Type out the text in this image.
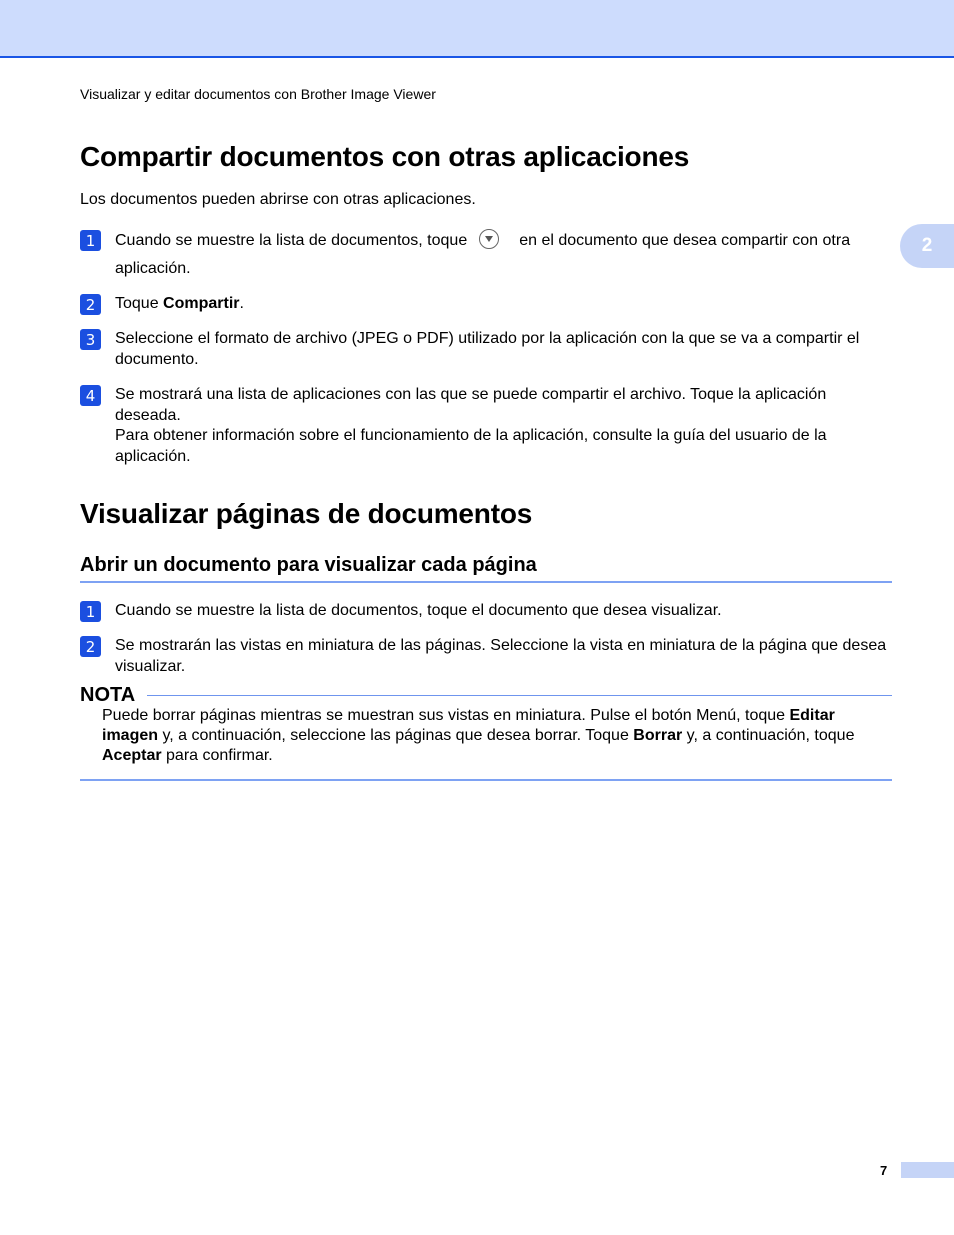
Visualizar y editar documentos con Brother Image Viewer
2
Compartir documentos con otras aplicaciones
Los documentos pueden abrirse con otras aplicaciones.
1	Cuando se muestre la lista de documentos, toque	en el documento que desea compartir con otra aplicación.
2	Toque Compartir.
3	Seleccione el formato de archivo (JPEG o PDF) utilizado por la aplicación con la que se va a compartir el documento.
4	Se mostrará una lista de aplicaciones con las que se puede compartir el archivo. Toque la aplicación deseada.
Para obtener información sobre el funcionamiento de la aplicación, consulte la guía del usuario de la aplicación.
Visualizar páginas de documentos
Abrir un documento para visualizar cada página
1	Cuando se muestre la lista de documentos, toque el documento que desea visualizar.
2	Se mostrarán las vistas en miniatura de las páginas. Seleccione la vista en miniatura de la página que desea visualizar.
NOTA
Puede borrar páginas mientras se muestran sus vistas en miniatura. Pulse el botón Menú, toque Editar imagen y, a continuación, seleccione las páginas que desea borrar. Toque Borrar y, a continuación, toque Aceptar para confirmar.
7
